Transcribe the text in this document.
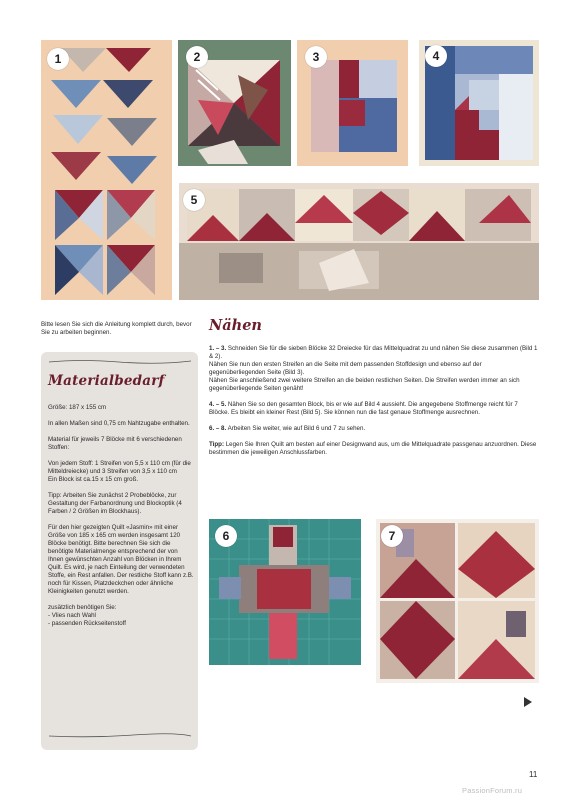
1	2	3	4
5

Bitte lesen Sie sich die Anleitung komplett durch, bevor Sie zu arbeiten beginnen.

Materialbedarf

Größe: 187 x 155 cm

In allen Maßen sind 0,75 cm Nahtzugabe enthalten.

Material für jeweils 7 Blöcke mit 6 verschiedenen Stoffen:

Von jedem Stoff: 1 Streifen von 5,5 x 110 cm (für die Mitteldreiecke) und 3 Streifen von 3,5 x 110 cm
Ein Block ist ca.15 x 15 cm groß.

Tipp: Arbeiten Sie zunächst 2 Probeblöcke, zur Gestaltung der Farbanordnung und Blockoptik (4 Farben / 2 Größen im Blockhaus).

Für den hier gezeigten Quilt «Jasmin» mit einer Größe von 185 x 165 cm werden insgesamt 120 Blöcke benötigt. Bitte berechnen Sie sich die benötigte Materialmenge entsprechend der von Ihnen gewünschten Anzahl von Blöcken in Ihrem Quilt. Es wird, je nach Einteilung der verwendeten Stoffe, ein Rest anfallen. Der restliche Stoff kann z.B. noch für Kissen, Platzdeckchen oder ähnliche Kleinigkeiten genutzt werden.

zusätzlich benötigen Sie:
- Vlies nach Wahl
- passenden Rückseitenstoff

Nähen

1. – 3. Schneiden Sie für die sieben Blöcke 32 Dreiecke für das Mittelquadrat zu und nähen Sie diese zusammen (Bild 1 & 2).
Nähen Sie nun den ersten Streifen an die Seite mit dem passenden Stoffdesign und ebenso auf der gegenüberliegenden Seite (Bild 3).
Nähen Sie anschließend zwei weitere Streifen an die beiden restlichen Seiten. Die Streifen werden immer an sich gegenüberliegende Seiten genäht!

4. – 5. Nähen Sie so den gesamten Block, bis er wie auf Bild 4 aussieht. Die angegebene Stoffmenge reicht für 7 Blöcke. Es bleibt ein kleiner Rest (Bild 5). Sie können nun die fast genaue Stoffmenge ausrechnen.

6. – 8. Arbeiten Sie weiter, wie auf Bild 6 und 7 zu sehen.

Tipp: Legen Sie Ihren Quilt am besten auf einer Designwand aus, um die Mittelquadrate passgenau anzuordnen. Diese bestimmen die jeweiligen Anschlussfarben.

6	7
11
PassionForum.ru
